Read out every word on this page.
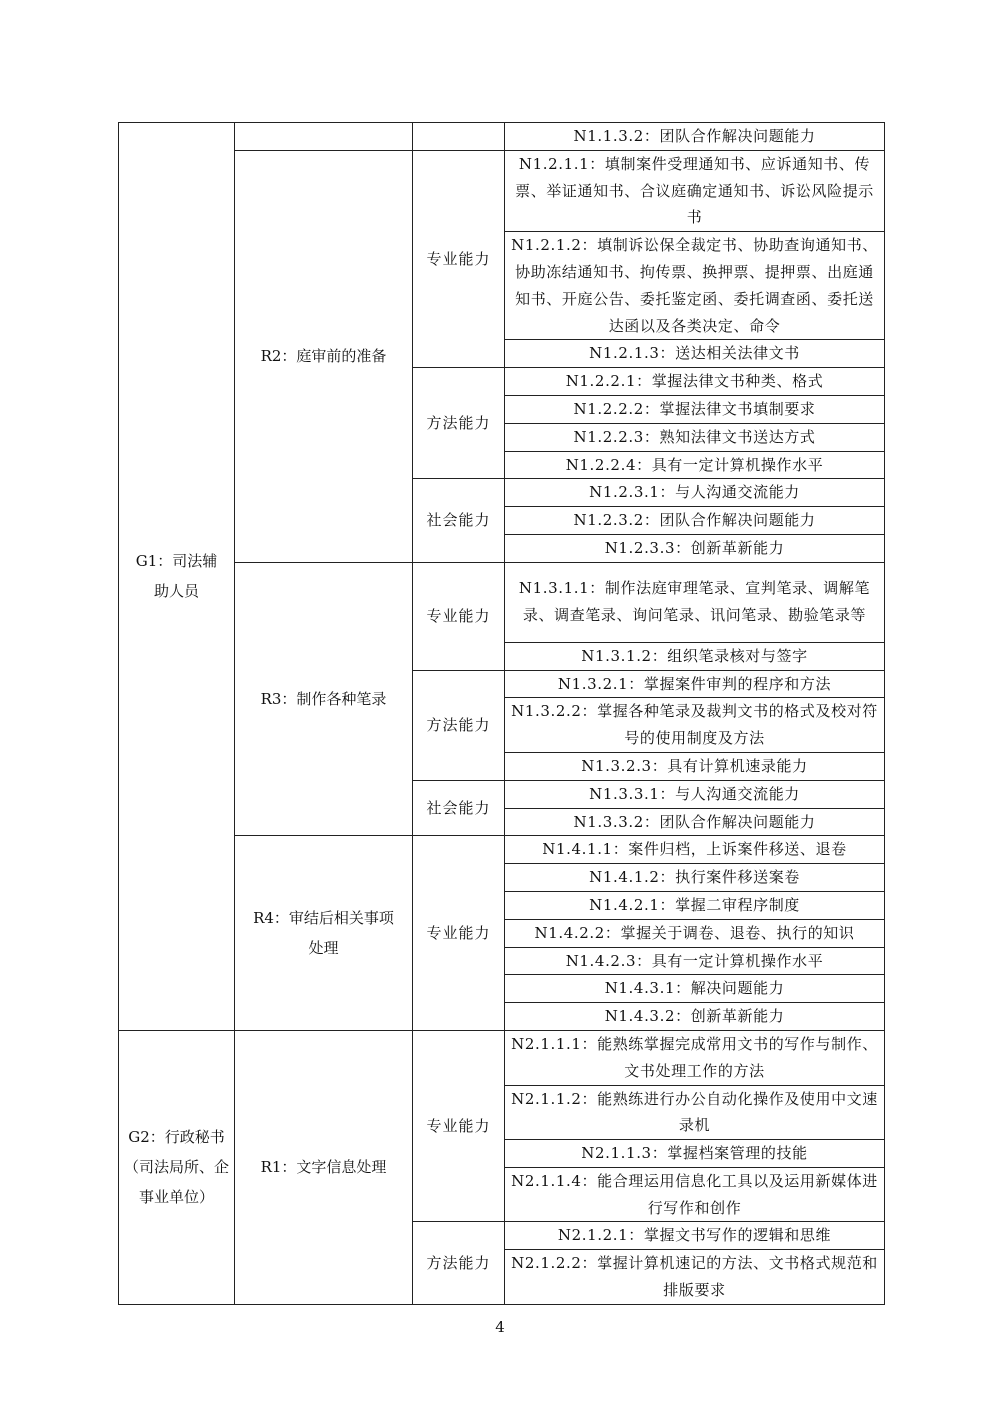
G1：司法辅助人员			N1.1.3.2：团队合作解决问题能力
	R2：庭审前的准备	专业能力	N1.2.1.1：填制案件受理通知书、应诉通知书、传票、举证通知书、合议庭确定通知书、诉讼风险提示书
			N1.2.1.2：填制诉讼保全裁定书、协助查询通知书、协助冻结通知书、拘传票、换押票、提押票、出庭通知书、开庭公告、委托鉴定函、委托调查函、委托送达函以及各类决定、命令
			N1.2.1.3：送达相关法律文书
		方法能力	N1.2.2.1：掌握法律文书种类、格式
			N1.2.2.2：掌握法律文书填制要求
			N1.2.2.3：熟知法律文书送达方式
			N1.2.2.4：具有一定计算机操作水平
		社会能力	N1.2.3.1：与人沟通交流能力
			N1.2.3.2：团队合作解决问题能力
			N1.2.3.3：创新革新能力
	R3：制作各种笔录	专业能力	N1.3.1.1：制作法庭审理笔录、宣判笔录、调解笔录、调查笔录、询问笔录、讯问笔录、勘验笔录等
			N1.3.1.2：组织笔录核对与签字
		方法能力	N1.3.2.1：掌握案件审判的程序和方法
			N1.3.2.2：掌握各种笔录及裁判文书的格式及校对符号的使用制度及方法
			N1.3.2.3：具有计算机速录能力
		社会能力	N1.3.3.1：与人沟通交流能力
			N1.3.3.2：团队合作解决问题能力
	R4：审结后相关事项处理	专业能力	N1.4.1.1：案件归档，上诉案件移送、退卷
			N1.4.1.2：执行案件移送案卷
			N1.4.2.1：掌握二审程序制度
			N1.4.2.2：掌握关于调卷、退卷、执行的知识
			N1.4.2.3：具有一定计算机操作水平
			N1.4.3.1：解决问题能力
			N1.4.3.2：创新革新能力
G2：行政秘书（司法局所、企事业单位）	R1：文字信息处理	专业能力	N2.1.1.1：能熟练掌握完成常用文书的写作与制作、文书处理工作的方法
			N2.1.1.2：能熟练进行办公自动化操作及使用中文速录机
			N2.1.1.3：掌握档案管理的技能
			N2.1.1.4：能合理运用信息化工具以及运用新媒体进行写作和创作
		方法能力	N2.1.2.1：掌握文书写作的逻辑和思维
			N2.1.2.2：掌握计算机速记的方法、文书格式规范和排版要求
4
